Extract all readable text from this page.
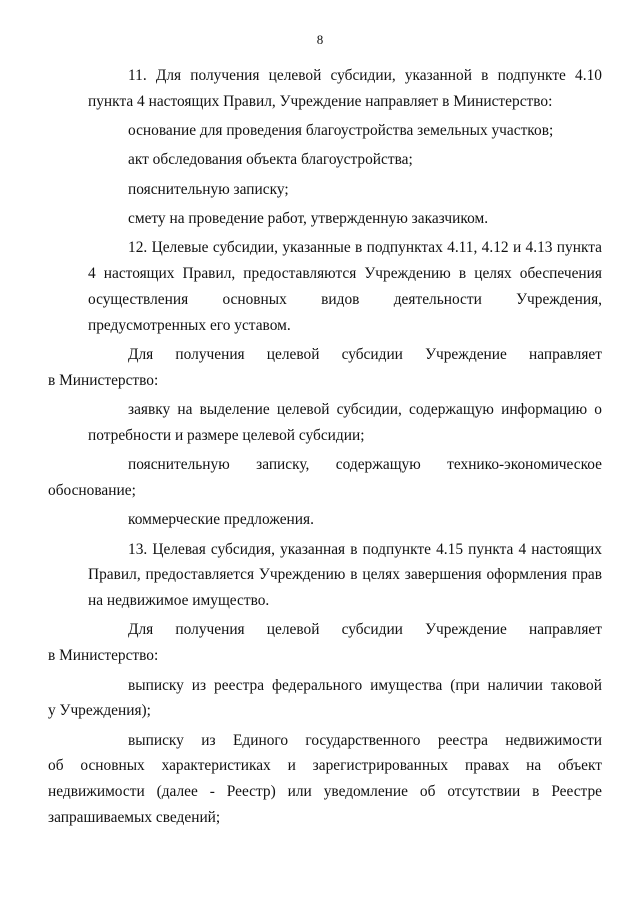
8
11. Для получения целевой субсидии, указанной в подпункте 4.10 пункта 4 настоящих Правил, Учреждение направляет в Министерство:
основание для проведения благоустройства земельных участков;
акт обследования объекта благоустройства;
пояснительную записку;
смету на проведение работ, утвержденную заказчиком.
12. Целевые субсидии, указанные в подпунктах 4.11, 4.12 и 4.13 пункта 4 настоящих Правил, предоставляются Учреждению в целях обеспечения осуществления основных видов деятельности Учреждения, предусмотренных его уставом.
Для получения целевой субсидии Учреждение направляет
в Министерство:
заявку на выделение целевой субсидии, содержащую информацию о потребности и размере целевой субсидии;
пояснительную записку, содержащую технико-экономическое
обоснование;
коммерческие предложения.
13. Целевая субсидия, указанная в подпункте 4.15 пункта 4 настоящих Правил, предоставляется Учреждению в целях завершения оформления прав на недвижимое имущество.
Для получения целевой субсидии Учреждение направляет
в Министерство:
выписку из реестра федерального имущества (при наличии таковой
у Учреждения);
выписку из Единого государственного реестра недвижимости
об основных характеристиках и зарегистрированных правах на объект
недвижимости (далее - Реестр) или уведомление об отсутствии в Реестре
запрашиваемых сведений;
